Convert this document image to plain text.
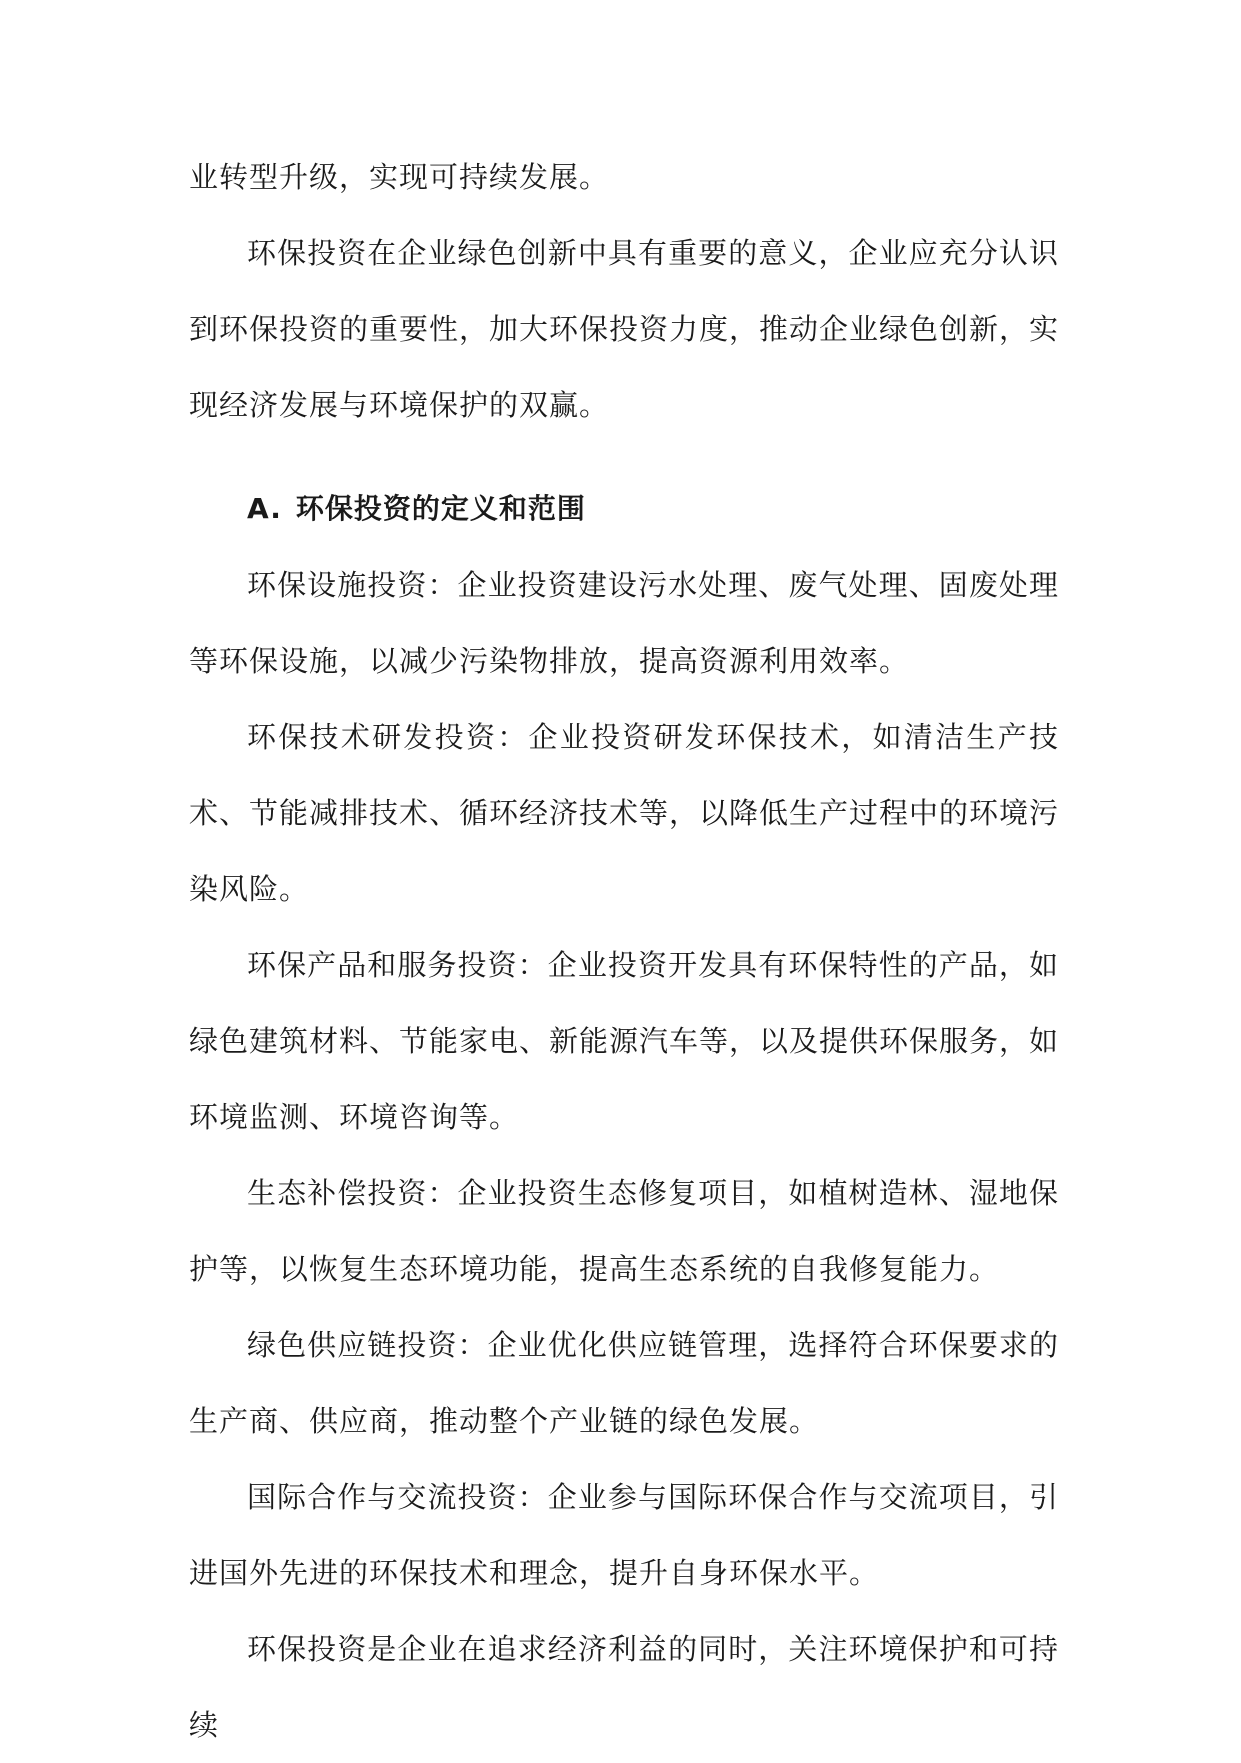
业转型升级，实现可持续发展。

环保投资在企业绿色创新中具有重要的意义，企业应充分认识到环保投资的重要性，加大环保投资力度，推动企业绿色创新，实现经济发展与环境保护的双赢。

A. 环保投资的定义和范围

环保设施投资：企业投资建设污水处理、废气处理、固废处理等环保设施，以减少污染物排放，提高资源利用效率。

环保技术研发投资：企业投资研发环保技术，如清洁生产技术、节能减排技术、循环经济技术等，以降低生产过程中的环境污染风险。

环保产品和服务投资：企业投资开发具有环保特性的产品，如绿色建筑材料、节能家电、新能源汽车等，以及提供环保服务，如环境监测、环境咨询等。

生态补偿投资：企业投资生态修复项目，如植树造林、湿地保护等，以恢复生态环境功能，提高生态系统的自我修复能力。

绿色供应链投资：企业优化供应链管理，选择符合环保要求的生产商、供应商，推动整个产业链的绿色发展。

国际合作与交流投资：企业参与国际环保合作与交流项目，引进国外先进的环保技术和理念，提升自身环保水平。

环保投资是企业在追求经济利益的同时，关注环境保护和可持续
